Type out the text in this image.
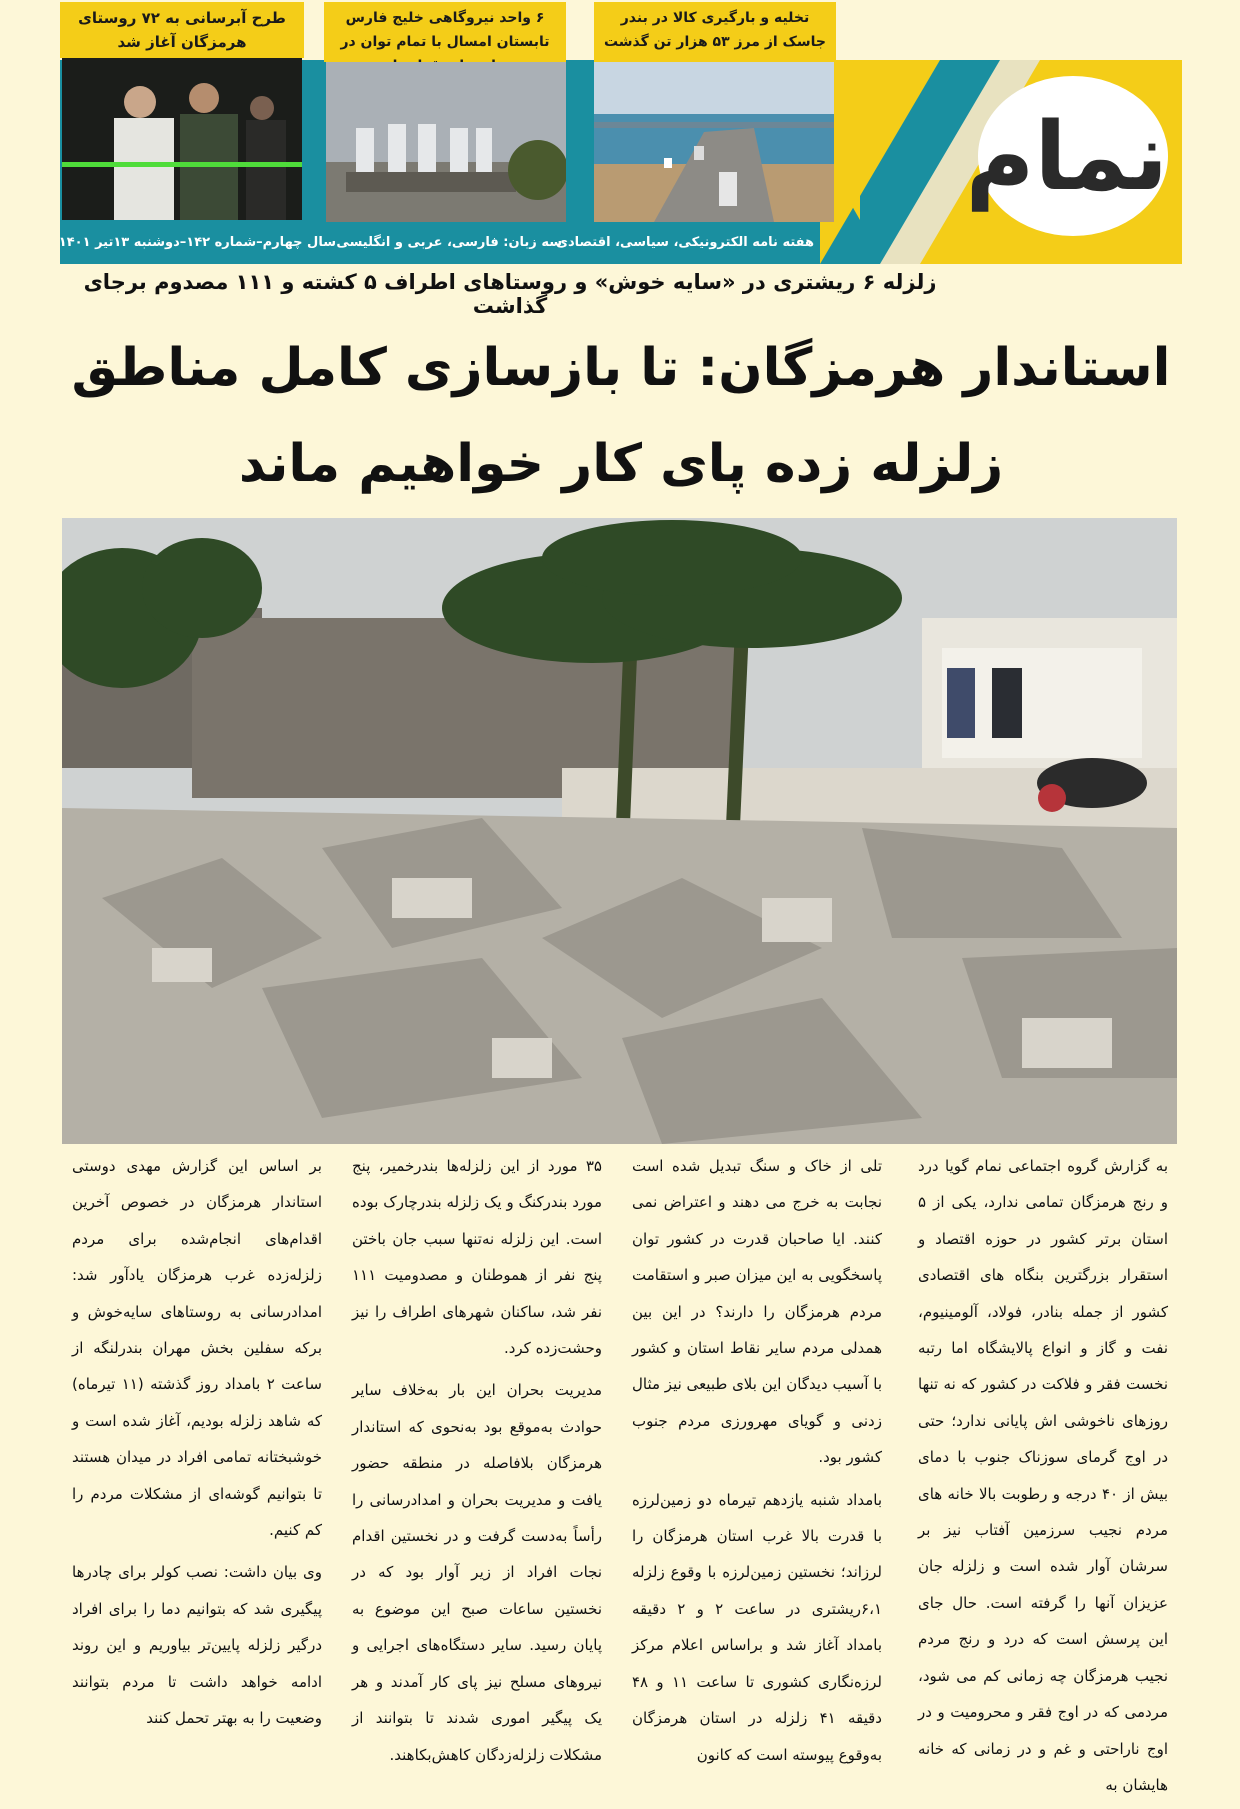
نمام
تخلیه و بارگیری کالا در بندر جاسک از مرز ۵۳ هزار تن گذشت
۶ واحد نیروگاهی خلیج فارس تابستان امسال با تمام توان در
طرح آبرسانی به ۷۲ روستای هرمزگان آغاز شد
هفته نامه الکترونیکی، سیاسی، اقتصادی
سه زبان: فارسی، عربی و انگلیسی
سال چهارم–شماره ۱۴۲–دوشنبه ۱۳تیر ۱۴۰۱
زلزله ۶ ریشتری در «سایه خوش» و روستاهای اطراف ۵ کشته و ۱۱۱ مصدوم برجای گذاشت
استاندار هرمزگان: تا بازسازی کامل مناطق زلزله زده پای کار خواهیم ماند

به گزارش گروه اجتماعی نمام گویا درد و رنج هرمزگان تمامی ندارد، یکی از ۵ استان برتر کشور در حوزه اقتصاد و استقرار بزرگترین بنگاه های اقتصادی کشور از جمله بنادر، فولاد، آلومینیوم، نفت و گاز و انواع پالایشگاه اما رتبه نخست فقر و فلاکت در کشور که نه تنها روزهای ناخوشی اش پایانی ندارد؛ حتی در اوج گرمای سوزناک جنوب با دمای بیش از ۴۰ درجه و رطوبت بالا خانه های مردم نجیب سرزمین آفتاب نیز بر سرشان آوار شده است و زلزله جان عزیزان آنها را گرفته است. حال جای این پرسش است که درد و رنج مردم نجیب هرمزگان چه زمانی کم می شود، مردمی که در اوج فقر و محرومیت و در اوج ناراحتی و غم و در زمانی که خانه هایشان به

تلی از خاک و سنگ تبدیل شده است نجابت به خرج می دهند و اعتراض نمی کنند. ایا صاحبان قدرت در کشور توان پاسخگویی به این میزان صبر و استقامت مردم هرمزگان را دارند؟ در این بین همدلی مردم سایر نقاط استان و کشور با آسیب دیدگان این بلای طبیعی نیز مثال زدنی و گویای مهرورزی مردم جنوب کشور بود.

بامداد شنبه یازدهم تیرماه دو زمین‌لرزه با قدرت بالا غرب استان هرمزگان را لرزاند؛ نخستین زمین‌لرزه با وقوع زلزله ۶،۱ریشتری در ساعت ۲ و ۲ دقیقه بامداد آغاز شد و براساس اعلام مرکز لرزه‌نگاری کشوری تا ساعت ۱۱ و ۴۸ دقیقه ۴۱ زلزله در استان هرمزگان به‌وقوع پیوسته است که کانون

۳۵ مورد از این زلزله‌ها بندرخمیر، پنج مورد بندرکنگ و یک زلزله بندرچارک بوده است. این زلزله نه‌تنها سبب جان باختن پنج نفر از هموطنان و مصدومیت ۱۱۱ نفر شد، ساکنان شهرهای اطراف را نیز وحشت‌زده کرد.

مدیریت بحران این بار به‌خلاف سایر حوادث به‌موقع بود به‌نحوی که استاندار هرمزگان بلافاصله در منطقه حضور یافت و مدیریت بحران و امدادرسانی را رأساً به‌دست گرفت و در نخستین اقدام نجات افراد از زیر آوار بود که در نخستین ساعات صبح این موضوع به پایان رسید. سایر دستگاه‌های اجرایی و نیروهای مسلح نیز پای کار آمدند و هر یک پیگیر اموری شدند تا بتوانند از مشکلات زلزله‌زدگان کاهش‌بکاهند.

بر اساس این گزارش مهدی دوستی استاندار هرمزگان در خصوص آخرین اقدام‌های انجام‌شده برای مردم زلزله‌زده غرب هرمزگان یادآور شد: امدادرسانی به روستاهای سایه‌خوش و برکه سفلین بخش مهران بندرلنگه از ساعت ۲ بامداد روز گذشته (۱۱ تیرماه) که شاهد زلزله بودیم، آغاز شده است و خوشبختانه تمامی افراد در میدان هستند تا بتوانیم گوشه‌ای از مشکلات مردم را کم کنیم.

وی بیان داشت: نصب کولر برای چادرها پیگیری شد که بتوانیم دما را برای افراد درگیر زلزله پایین‌تر بیاوریم و این روند ادامه خواهد داشت تا مردم بتوانند وضعیت را به بهتر تحمل کنند
